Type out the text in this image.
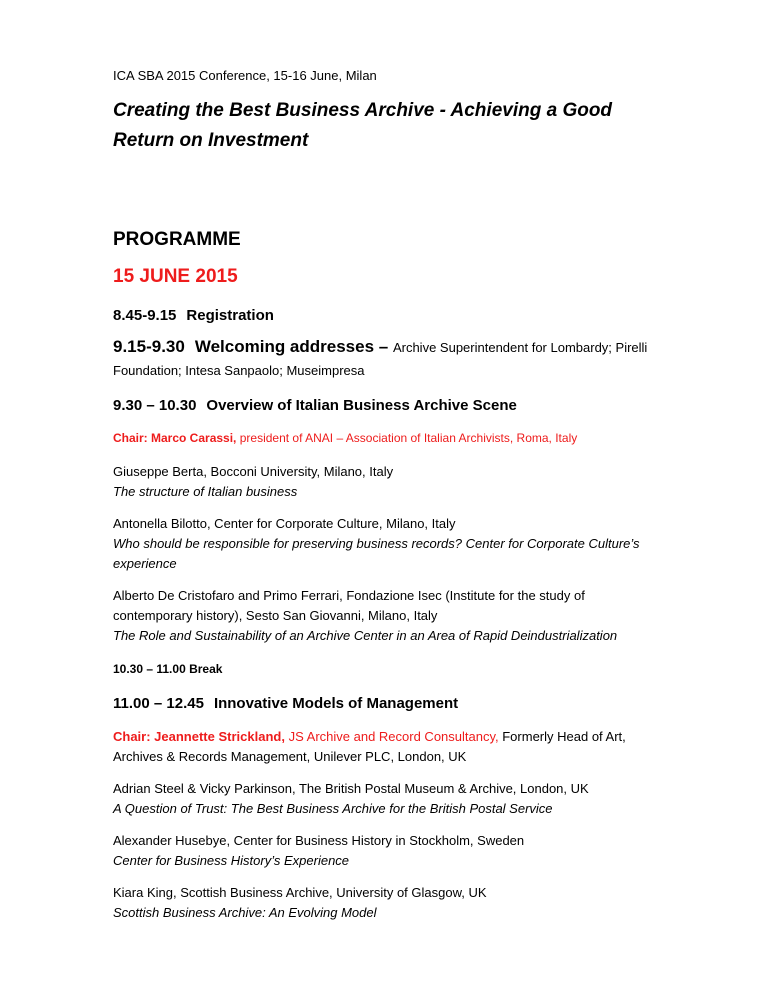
ICA SBA 2015 Conference, 15-16 June, Milan
Creating the Best Business Archive - Achieving a Good Return on Investment
PROGRAMME
15 JUNE 2015
8.45-9.15 Registration
9.15-9.30 Welcoming addresses – Archive Superintendent for Lombardy; Pirelli
Foundation; Intesa Sanpaolo; Museimpresa
9.30 – 10.30 Overview of Italian Business Archive Scene
Chair: Marco Carassi, president of ANAI – Association of Italian Archivists, Roma, Italy
Giuseppe Berta, Bocconi University, Milano, Italy
The structure of Italian business
Antonella Bilotto, Center for Corporate Culture, Milano, Italy
Who should be responsible for preserving business records? Center for Corporate Culture’s
experience
Alberto De Cristofaro and Primo Ferrari, Fondazione Isec (Institute for the study of
contemporary history), Sesto San Giovanni, Milano, Italy
The Role and Sustainability of an Archive Center in an Area of Rapid Deindustrialization
10.30 – 11.00 Break
11.00 – 12.45 Innovative Models of Management
Chair: Jeannette Strickland, JS Archive and Record Consultancy, Formerly Head of Art,
Archives & Records Management, Unilever PLC, London, UK
Adrian Steel & Vicky Parkinson, The British Postal Museum & Archive, London, UK
A Question of Trust: The Best Business Archive for the British Postal Service
Alexander Husebye, Center for Business History in Stockholm, Sweden
Center for Business History’s Experience
Kiara King, Scottish Business Archive, University of Glasgow, UK
Scottish Business Archive: An Evolving Model
